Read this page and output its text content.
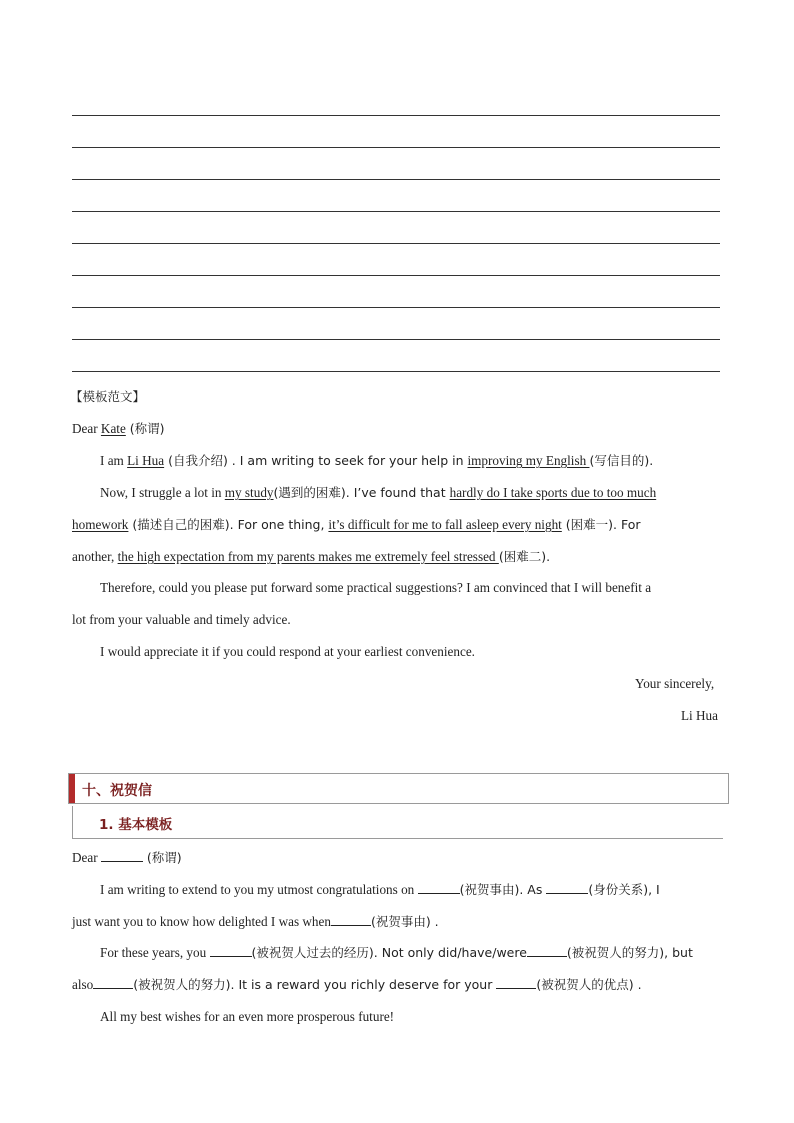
【模板范文】
Dear Kate (称谓)
I am Li Hua (自我介绍) . I am writing to seek for your help in improving my English (写信目的).
Now, I struggle a lot in my study(遇到的困难). I’ve found that hardly do I take sports due to too much
homework (描述自己的困难). For one thing, it’s difficult for me to fall asleep every night (困难一). For
another, the high expectation from my parents makes me extremely feel stressed (困难二).
Therefore, could you please put forward some practical suggestions? I am convinced that I will benefit a
lot from your valuable and timely advice.
I would appreciate it if you could respond at your earliest convenience.
Your sincerely,
Li Hua
十、祝贺信
1. 基本模板
Dear	(称谓)
I am writing to extend to you my utmost congratulations on	(祝贺事由). As	(身份关系), I
just want you to know how delighted I was when	(祝贺事由) .
For these years, you	(被祝贺人过去的经历). Not only did/have/were	(被祝贺人的努力), but
also	(被祝贺人的努力). It is a reward you richly deserve for your	(被祝贺人的优点) .
All my best wishes for an even more prosperous future!
